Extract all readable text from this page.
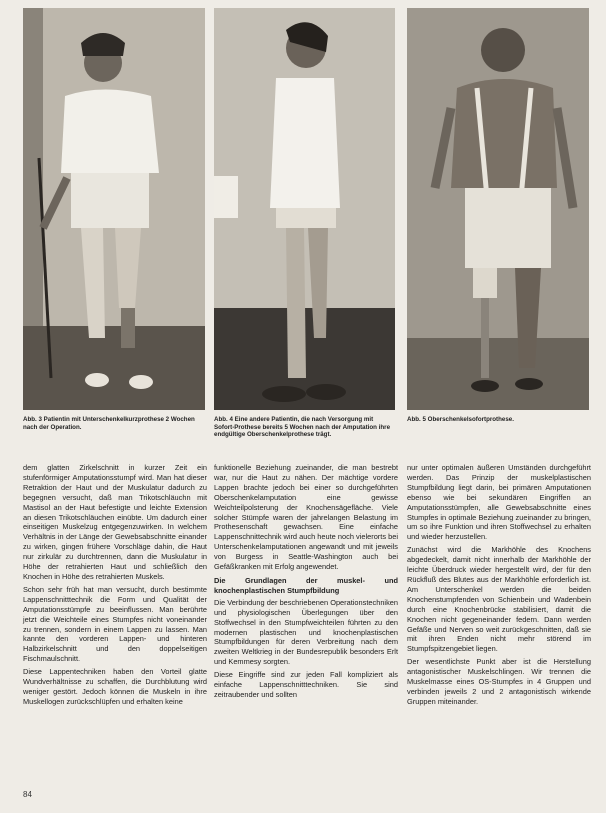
Abb. 3 Patientin mit Unterschenkelkurzprothese 2 Wochen nach der Operation.
Abb. 4 Eine andere Patientin, die nach Versorgung mit Sofort-Prothese bereits 5 Wochen nach der Amputation ihre endgültige Oberschenkelprothese trägt.
Abb. 5 Oberschenkelsofortprothese.

dem glatten Zirkelschnitt in kurzer Zeit ein stufenförmiger Amputationsstumpf wird. Man hat dieser Retraktion der Haut und der Muskulatur dadurch zu begegnen versucht, daß man Trikotschläuchn mit Mastisol an der Haut befestigte und leichte Extension an diesen Trikotschläuchen einübte. Um dadurch einer einseitigen Muskelzug entgegenzuwirken. In welchem Verhältnis in der Länge der Gewebsabschnitte einander zu wirken, gingen frühere Vorschläge dahin, die Haut nur zirkulär zu durchtrennen, dann die Muskulatur in Höhe der retrahierten Haut und schließlich den Knochen in Höhe des retrahierten Muskels.

Schon sehr früh hat man versucht, durch bestimmte Lappenschnitttechnik die Form und Qualität der Amputationsstümpfe zu beeinflussen. Man berührte jetzt die Weichteile eines Stumpfes nicht voneinander zu trennen, sondern in einem Lappen zu lassen. Man kannte den vorderen Lappen- und hinteren Halbzirkelschnitt und den doppelseitigen Fischmaulschnitt.

Diese Lappentechniken haben den Vorteil glatte Wundverhältnisse zu schaffen, die Durchblutung wird weniger gestört. Jedoch können die Muskeln in ihre Muskellogen zurückschlüpfen und erhalten keine

funktionelle Beziehung zueinander, die man bestrebt war, nur die Haut zu nähen. Der mächtige vordere Lappen brachte jedoch bei einer so durchgeführten Oberschenkelamputation eine gewisse Weichteilpolsterung der Knochensägefläche. Viele solcher Stümpfe waren der jahrelangen Belastung im Prothesenschaft gewachsen. Eine einfache Lappenschnittechnik wird auch heute noch vielerorts bei Unterschenkelamputationen angewandt und mit jeweils von Burgess in Seattle-Washington auch bei Gefäßkranken mit Erfolg angewendet.

Die Grundlagen der muskel- und knochenplastischen Stumpfbildung

Die Verbindung der beschriebenen Operationstechniken und physiologischen Überlegungen über den Stoffwechsel in den Stumpfweichteilen führten zu den modernen plastischen und knochenplastischen Stumpfbildungen für deren Verbreitung nach dem zweiten Weltkrieg in der Bundesrepublik besonders Erlt und Kemmesy sorgten.

Diese Eingriffe sind zur jeden Fall kompliziert als einfache Lappenschnitttechniken. Sie sind zeitraubender und sollten

nur unter optimalen äußeren Umständen durchgeführt werden. Das Prinzip der muskelplastischen Stumpfbildung liegt darin, bei primären Amputationen ebenso wie bei sekundären Eingriffen an Amputationsstümpfen, alle Gewebsabschnitte eines Stumpfes in optimale Beziehung zueinander zu bringen, um so ihre Funktion und ihren Stoffwechsel zu erhalten und wieder herzustellen.

Zunächst wird die Markhöhle des Knochens abgedeckelt, damit nicht innerhalb der Markhöhle der leichte Überdruck wieder hergestellt wird, der für den Rückfluß des Blutes aus der Markhöhle erforderlich ist. Am Unterschenkel werden die beiden Knochenstumpfenden von Schienbein und Wadenbein durch eine Knochenbrücke stabilisiert, damit die Knochen nicht gegeneinander federn. Dann werden Gefäße und Nerven so weit zurückgeschnitten, daß sie mit ihren Enden nicht mehr störend im Stumpfspitzengebiet liegen.

Der wesentlichste Punkt aber ist die Herstellung antagonistischer Muskelschlingen. Wir trennen die Muskelmasse eines OS-Stumpfes in 4 Gruppen und verbinden jeweils 2 und 2 antagonistisch wirkende Gruppen miteinander.

84
